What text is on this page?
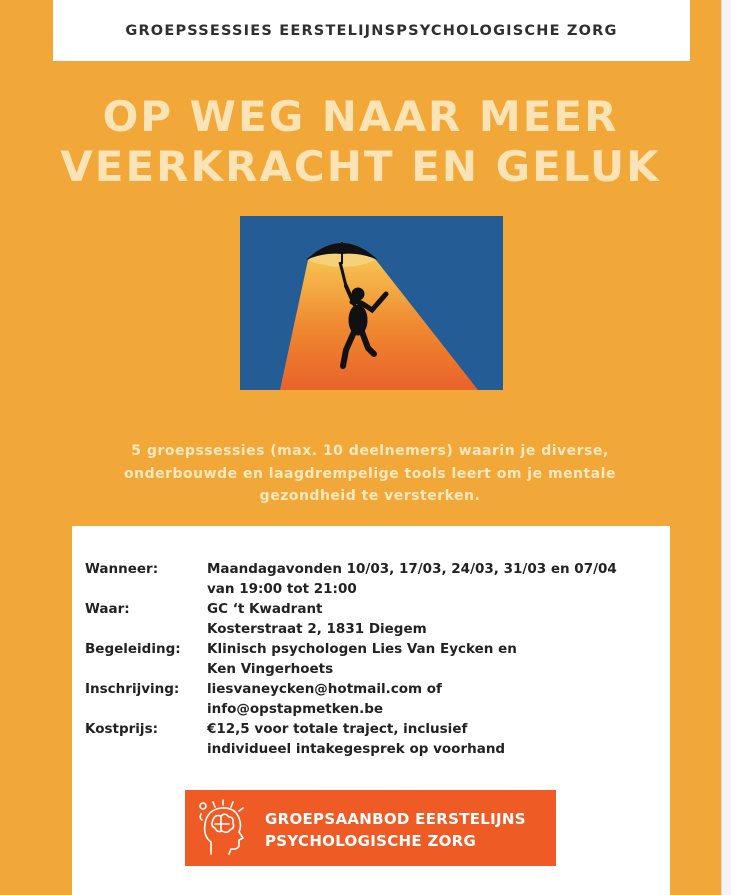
GROEPSSESSIES EERSTELIJNSPSYCHOLOGISCHE ZORG
OP WEG NAAR MEER
VEERKRACHT EN GELUK
5 groepssessies (max. 10 deelnemers) waarin je diverse,
onderbouwde en laagdrempelige tools leert om je mentale
gezondheid te versterken.
Wanneer:	Maandagavonden 10/03, 17/03, 24/03, 31/03 en 07/04
van 19:00 tot 21:00
Waar:	GC ‘t Kwadrant
Kosterstraat 2, 1831 Diegem
Begeleiding:	Klinisch psychologen Lies Van Eycken en
Ken Vingerhoets
Inschrijving:	liesvaneycken@hotmail.com of
info@opstapmetken.be
Kostprijs:	€12,5 voor totale traject, inclusief
individueel intakegesprek op voorhand
GROEPSAANBOD EERSTELIJNS
PSYCHOLOGISCHE ZORG
